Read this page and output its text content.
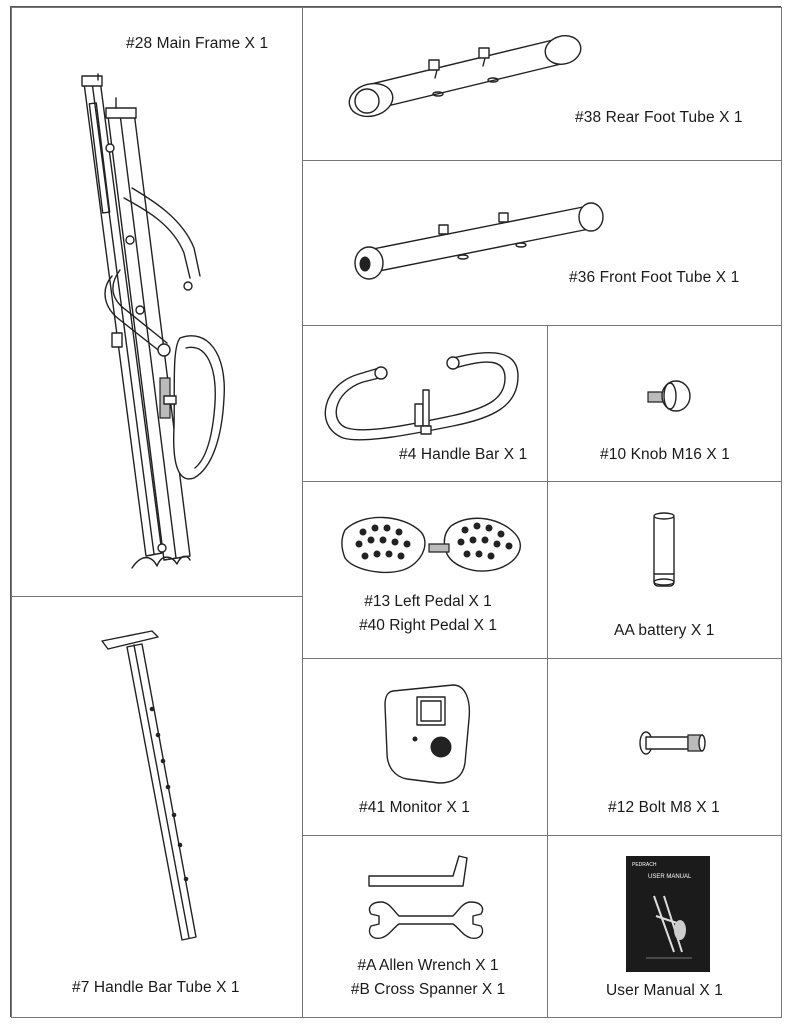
#28 Main Frame X 1
#7 Handle Bar Tube X 1
#38 Rear Foot Tube X 1
#36 Front Foot Tube X 1
#4 Handle Bar X 1	#10 Knob M16 X 1
#13 Left Pedal X 1
#40 Right Pedal X 1	AA battery X 1
#41 Monitor X 1	#12 Bolt M8 X 1
#A Allen Wrench X 1
#B Cross Spanner X 1	User Manual X 1
PEDRACH
USER MANUAL
